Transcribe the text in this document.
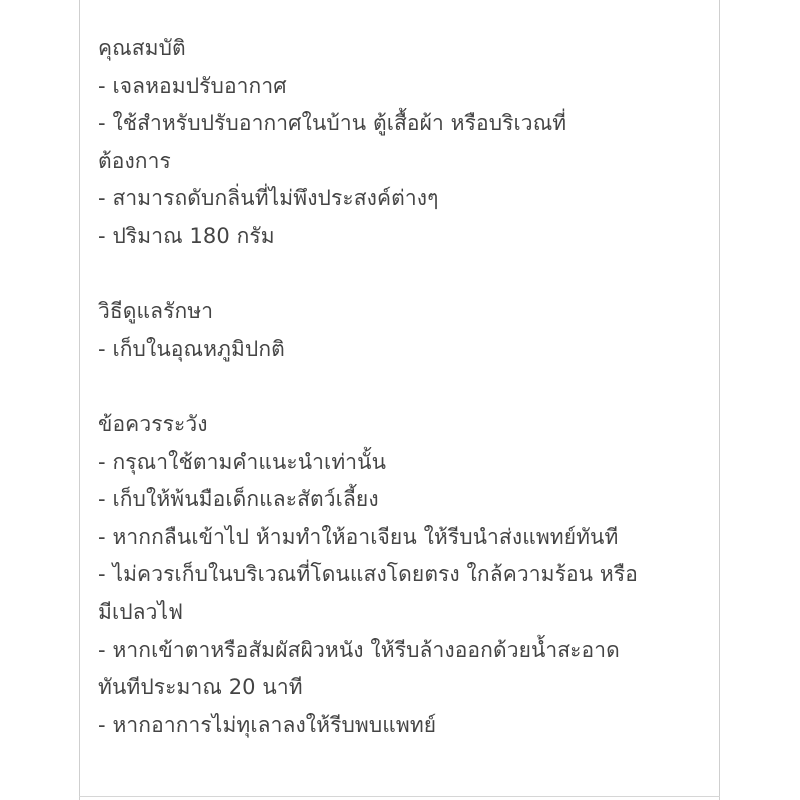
คุณสมบัติ
- เจลหอมปรับอากาศ
- ใช้สำหรับปรับอากาศในบ้าน ตู้เสื้อผ้า หรือบริเวณที่
ต้องการ
- สามารถดับกลิ่นที่ไม่พึงประสงค์ต่างๆ
- ปริมาณ 180 กรัม
วิธีดูแลรักษา
- เก็บในอุณหภูมิปกติ
ข้อควรระวัง
- กรุณาใช้ตามคำแนะนำเท่านั้น
- เก็บให้พ้นมือเด็กและสัตว์เลี้ยง
- หากกลืนเข้าไป ห้ามทำให้อาเจียน ให้รีบนำส่งแพทย์ทันที
- ไม่ควรเก็บในบริเวณที่โดนแสงโดยตรง ใกล้ความร้อน หรือ
มีเปลวไฟ
- หากเข้าตาหรือสัมผัสผิวหนัง ให้รีบล้างออกด้วยน้ำสะอาด
ทันทีประมาณ 20 นาที
- หากอาการไม่ทุเลาลงให้รีบพบแพทย์
